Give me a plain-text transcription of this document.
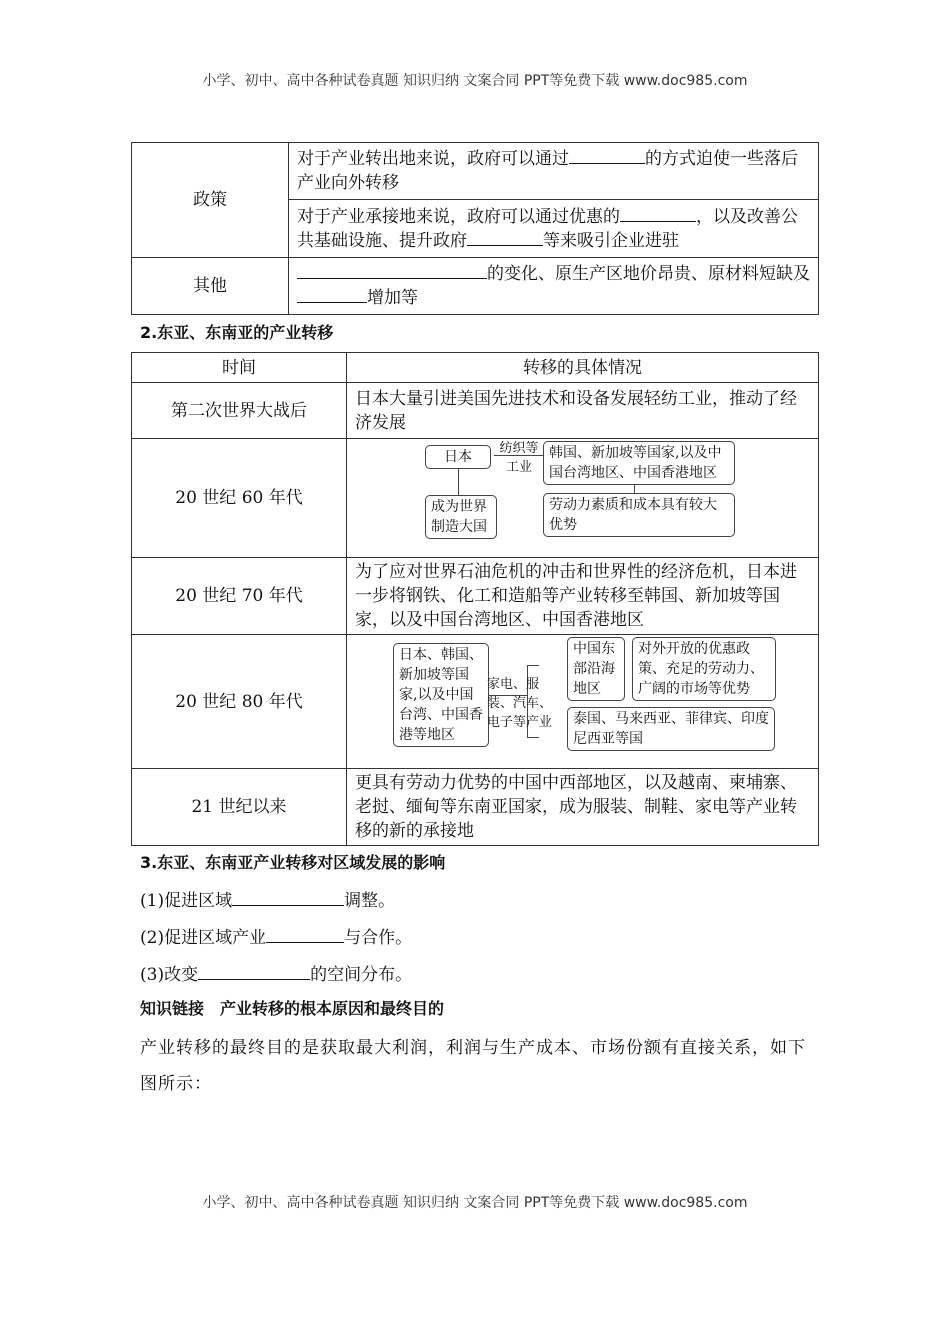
小学、初中、高中各种试卷真题 知识归纳 文案合同 PPT等免费下载 www.doc985.com
政策	对于产业转出地来说，政府可以通过 的方式迫使一些落后产业向外转移
	对于产业承接地来说，政府可以通过优惠的 ，以及改善公共基础设施、提升政府 等来吸引企业进驻
其他	的变化、原生产区地价昂贵、原材料短缺及增加等
2.东亚、东南亚的产业转移
时间	转移的具体情况
第二次世界大战后	日本大量引进美国先进技术和设备发展轻纺工业，推动了经济发展
20 世纪 60 年代	日本
纺织等工业
韩国、新加坡等国家,以及中国台湾地区、中国香港地区
成为世界制造大国
劳动力素质和成本具有较大优势

20 世纪 70 年代	为了应对世界石油危机的冲击和世界性的经济危机，日本进一步将钢铁、化工和造船等产业转移至韩国、新加坡等国家，以及中国台湾地区、中国香港地区
20 世纪 80 年代	日本、韩国、新加坡等国家,以及中国台湾、中国香港等地区
家电、服装、汽车、电子等产业
中国东部沿海地区
对外开放的优惠政策、充足的劳动力、广阔的市场等优势
泰国、马来西亚、菲律宾、印度尼西亚等国

21 世纪以来	更具有劳动力优势的中国中西部地区，以及越南、柬埔寨、老挝、缅甸等东南亚国家，成为服装、制鞋、家电等产业转移的新的承接地
3.东亚、东南亚产业转移对区域发展的影响
(1)促进区域	调整。
(2)促进区域产业	与合作。
(3)改变	的空间分布。
知识链接　产业转移的根本原因和最终目的
产业转移的最终目的是获取最大利润，利润与生产成本、市场份额有直接关系，如下图所示：
小学、初中、高中各种试卷真题 知识归纳 文案合同 PPT等免费下载 www.doc985.com
